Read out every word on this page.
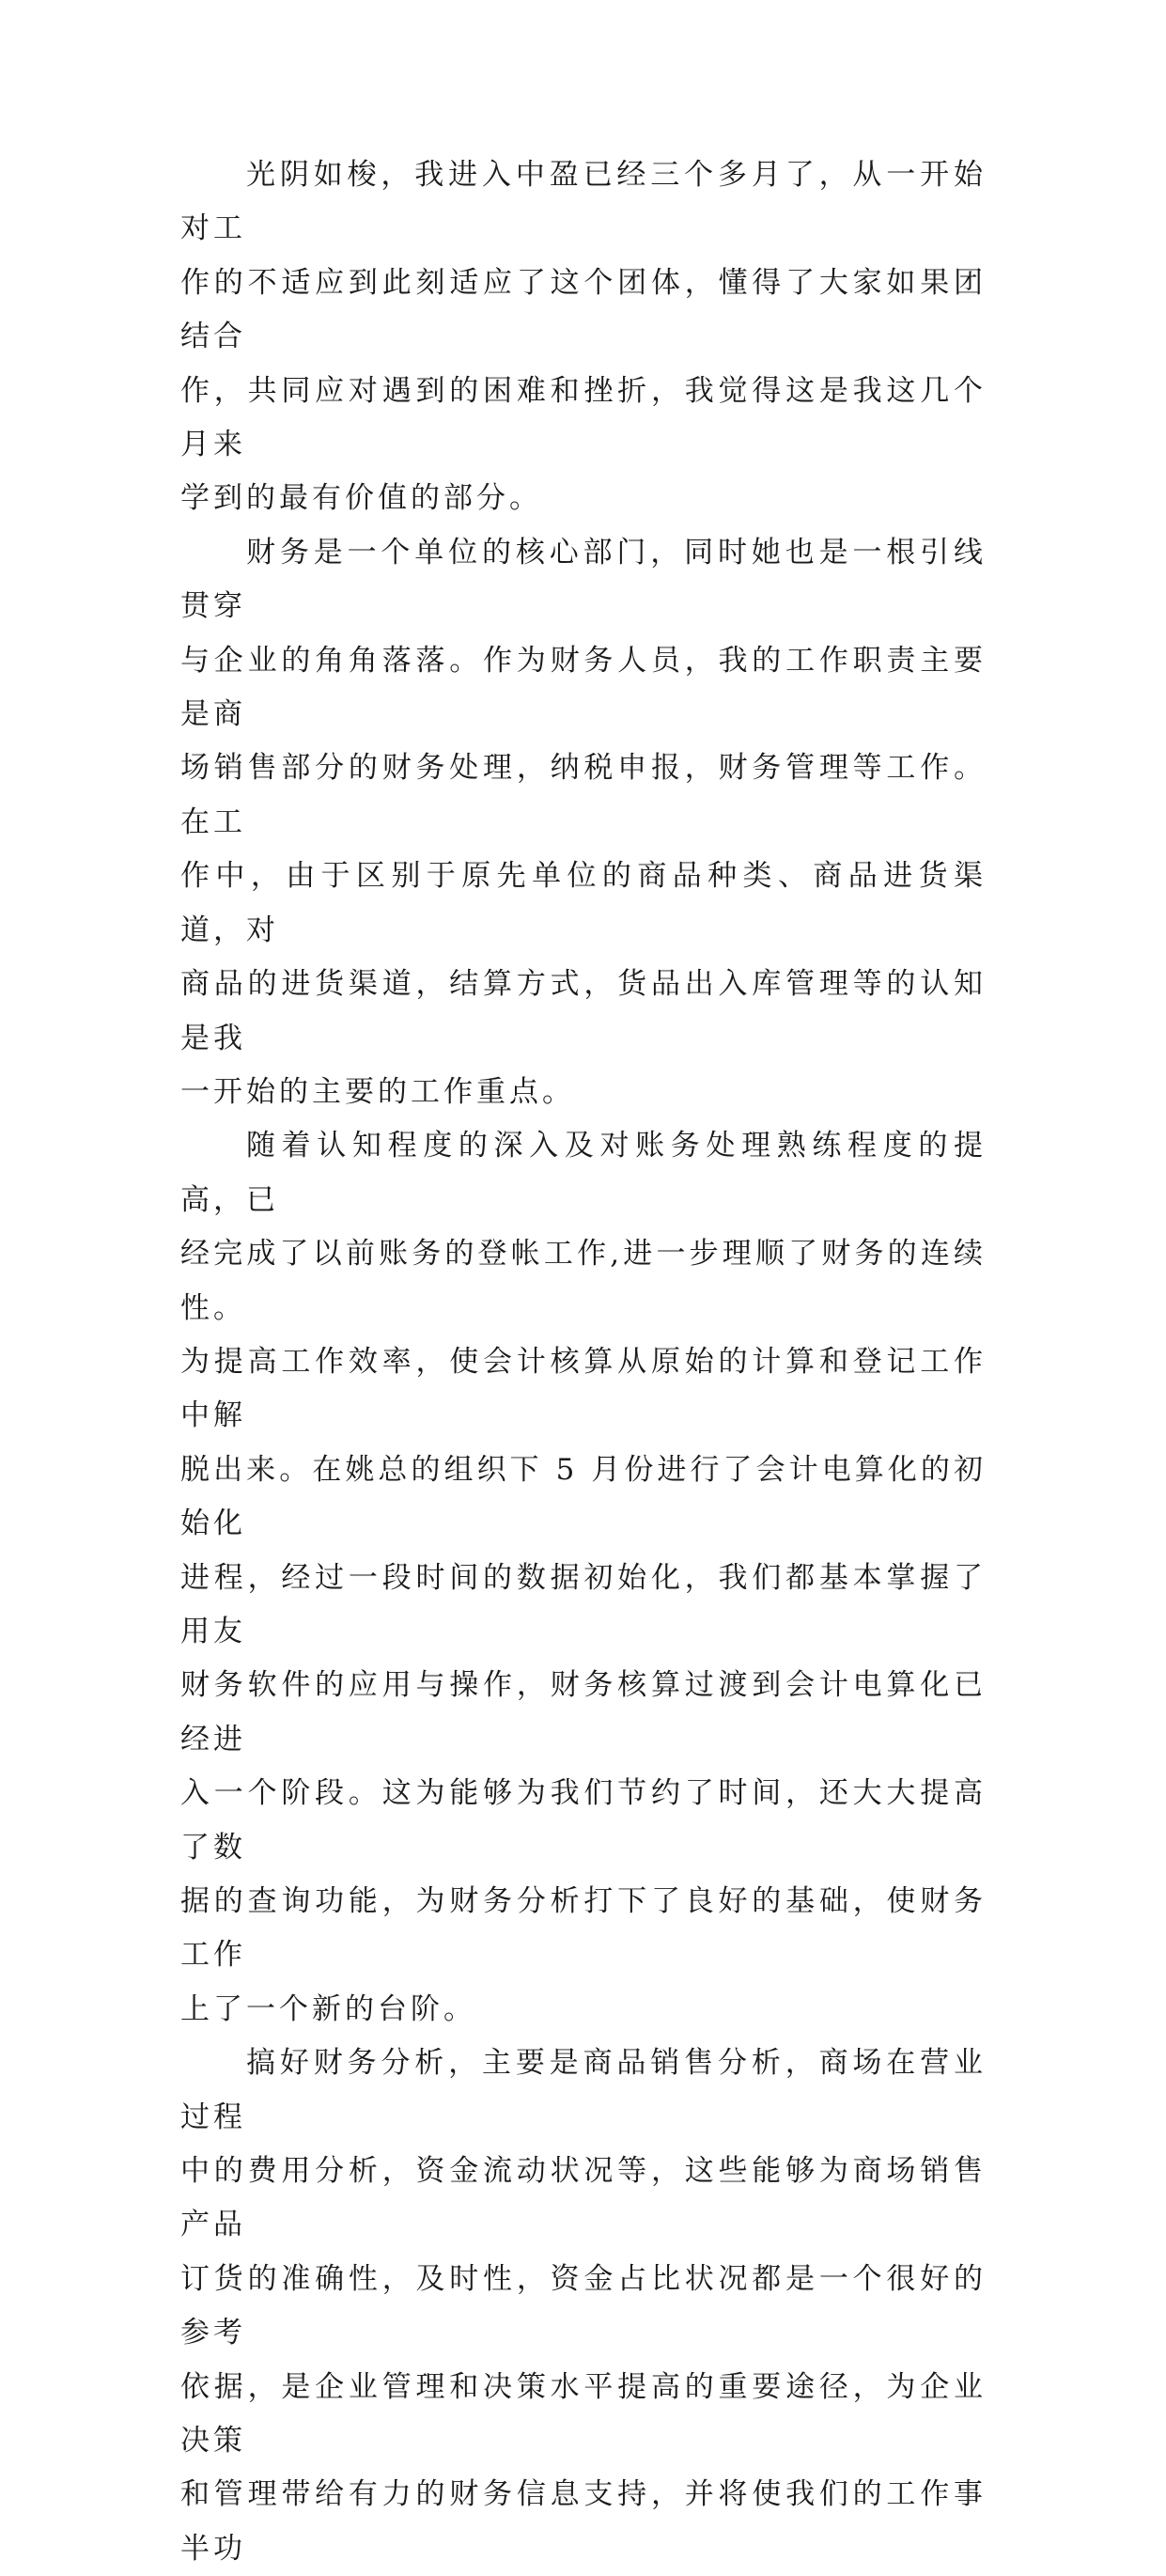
光阴如梭，我进入中盈已经三个多月了，从一开始对工
作的不适应到此刻适应了这个团体，懂得了大家如果团结合
作，共同应对遇到的困难和挫折，我觉得这是我这几个月来
学到的最有价值的部分。

财务是一个单位的核心部门，同时她也是一根引线贯穿
与企业的角角落落。作为财务人员，我的工作职责主要是商
场销售部分的财务处理，纳税申报，财务管理等工作。在工
作中，由于区别于原先单位的商品种类、商品进货渠道，对
商品的进货渠道，结算方式，货品出入库管理等的认知是我
一开始的主要的工作重点。

随着认知程度的深入及对账务处理熟练程度的提高，已
经完成了以前账务的登帐工作,进一步理顺了财务的连续性。
为提高工作效率，使会计核算从原始的计算和登记工作中解
脱出来。在姚总的组织下 5 月份进行了会计电算化的初始化
进程，经过一段时间的数据初始化，我们都基本掌握了用友
财务软件的应用与操作，财务核算过渡到会计电算化已经进
入一个阶段。这为能够为我们节约了时间，还大大提高了数
据的查询功能，为财务分析打下了良好的基础，使财务工作
上了一个新的台阶。

搞好财务分析，主要是商品销售分析，商场在营业过程
中的费用分析，资金流动状况等，这些能够为商场销售产品
订货的准确性，及时性，资金占比状况都是一个很好的参考
依据，是企业管理和决策水平提高的重要途径，为企业决策
和管理带给有力的财务信息支持，并将使我们的工作事半功
